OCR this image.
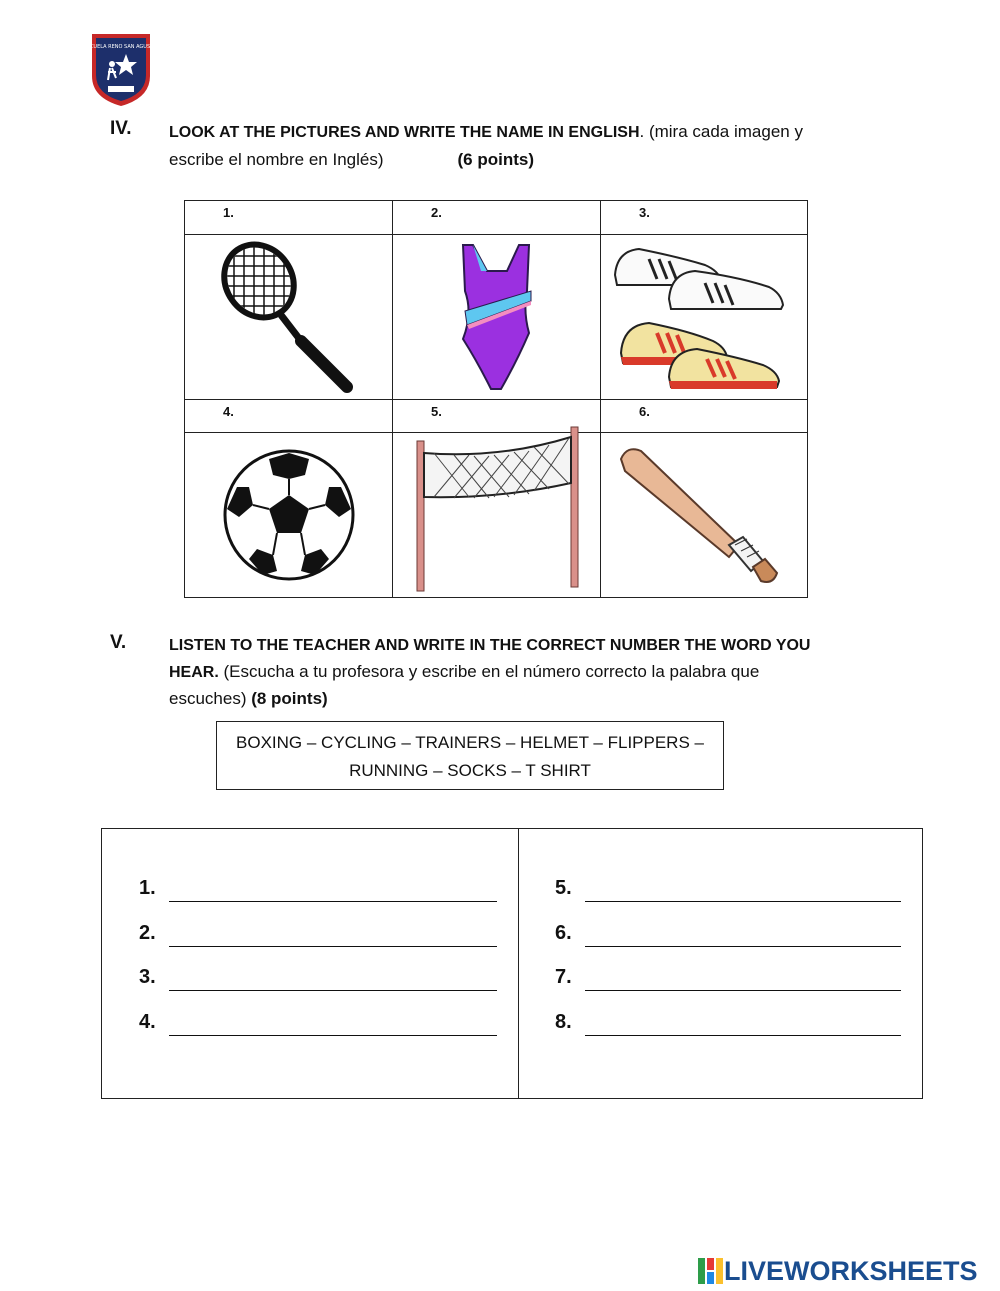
ESCUELA RENO SAN AGUSTÍN
IV. LOOK AT THE PICTURES AND WRITE THE NAME IN ENGLISH. (mira cada imagen y
escribe el nombre en Inglés)	(6 points)
1.	2.	3.
4.	5.	6.
V.	LISTEN TO THE TEACHER AND WRITE IN THE CORRECT NUMBER THE WORD YOU
HEAR. (Escucha a tu profesora y escribe en el número correcto la palabra que
escuches) (8 points)
BOXING – CYCLING – TRAINERS – HELMET – FLIPPERS –
RUNNING – SOCKS – T SHIRT
1.
2.
3.
4.
5.
6.
7.
8.
LIVEWORKSHEETS
